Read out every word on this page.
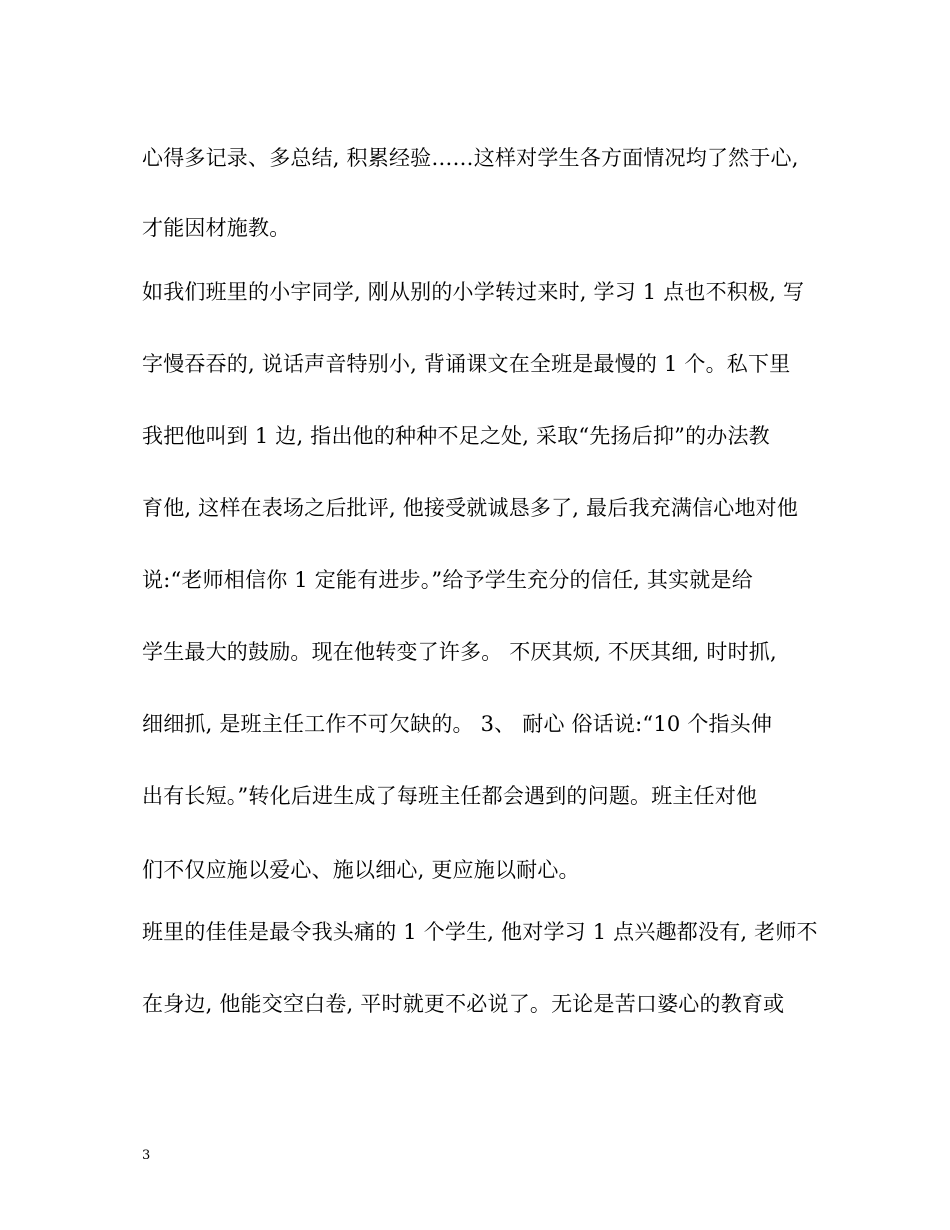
心得多记录、多总结, 积累经验……这样对学生各方面情况均了然于心,
才能因材施教。
如我们班里的小宇同学, 刚从别的小学转过来时, 学习 1 点也不积极, 写
字慢吞吞的, 说话声音特别小, 背诵课文在全班是最慢的 1 个。私下里
我把他叫到 1 边, 指出他的种种不足之处, 采取“先扬后抑”的办法教
育他, 这样在表场之后批评, 他接受就诚恳多了, 最后我充满信心地对他
说:“老师相信你 1 定能有进步。”给予学生充分的信任, 其实就是给
学生最大的鼓励。现在他转变了许多。 不厌其烦, 不厌其细, 时时抓,
细细抓, 是班主任工作不可欠缺的。 3、 耐心 俗话说:“10 个指头伸
出有长短。”转化后进生成了每班主任都会遇到的问题。班主任对他
们不仅应施以爱心、施以细心, 更应施以耐心。
班里的佳佳是最令我头痛的 1 个学生, 他对学习 1 点兴趣都没有, 老师不
在身边, 他能交空白卷, 平时就更不必说了。无论是苦口婆心的教育或
3
